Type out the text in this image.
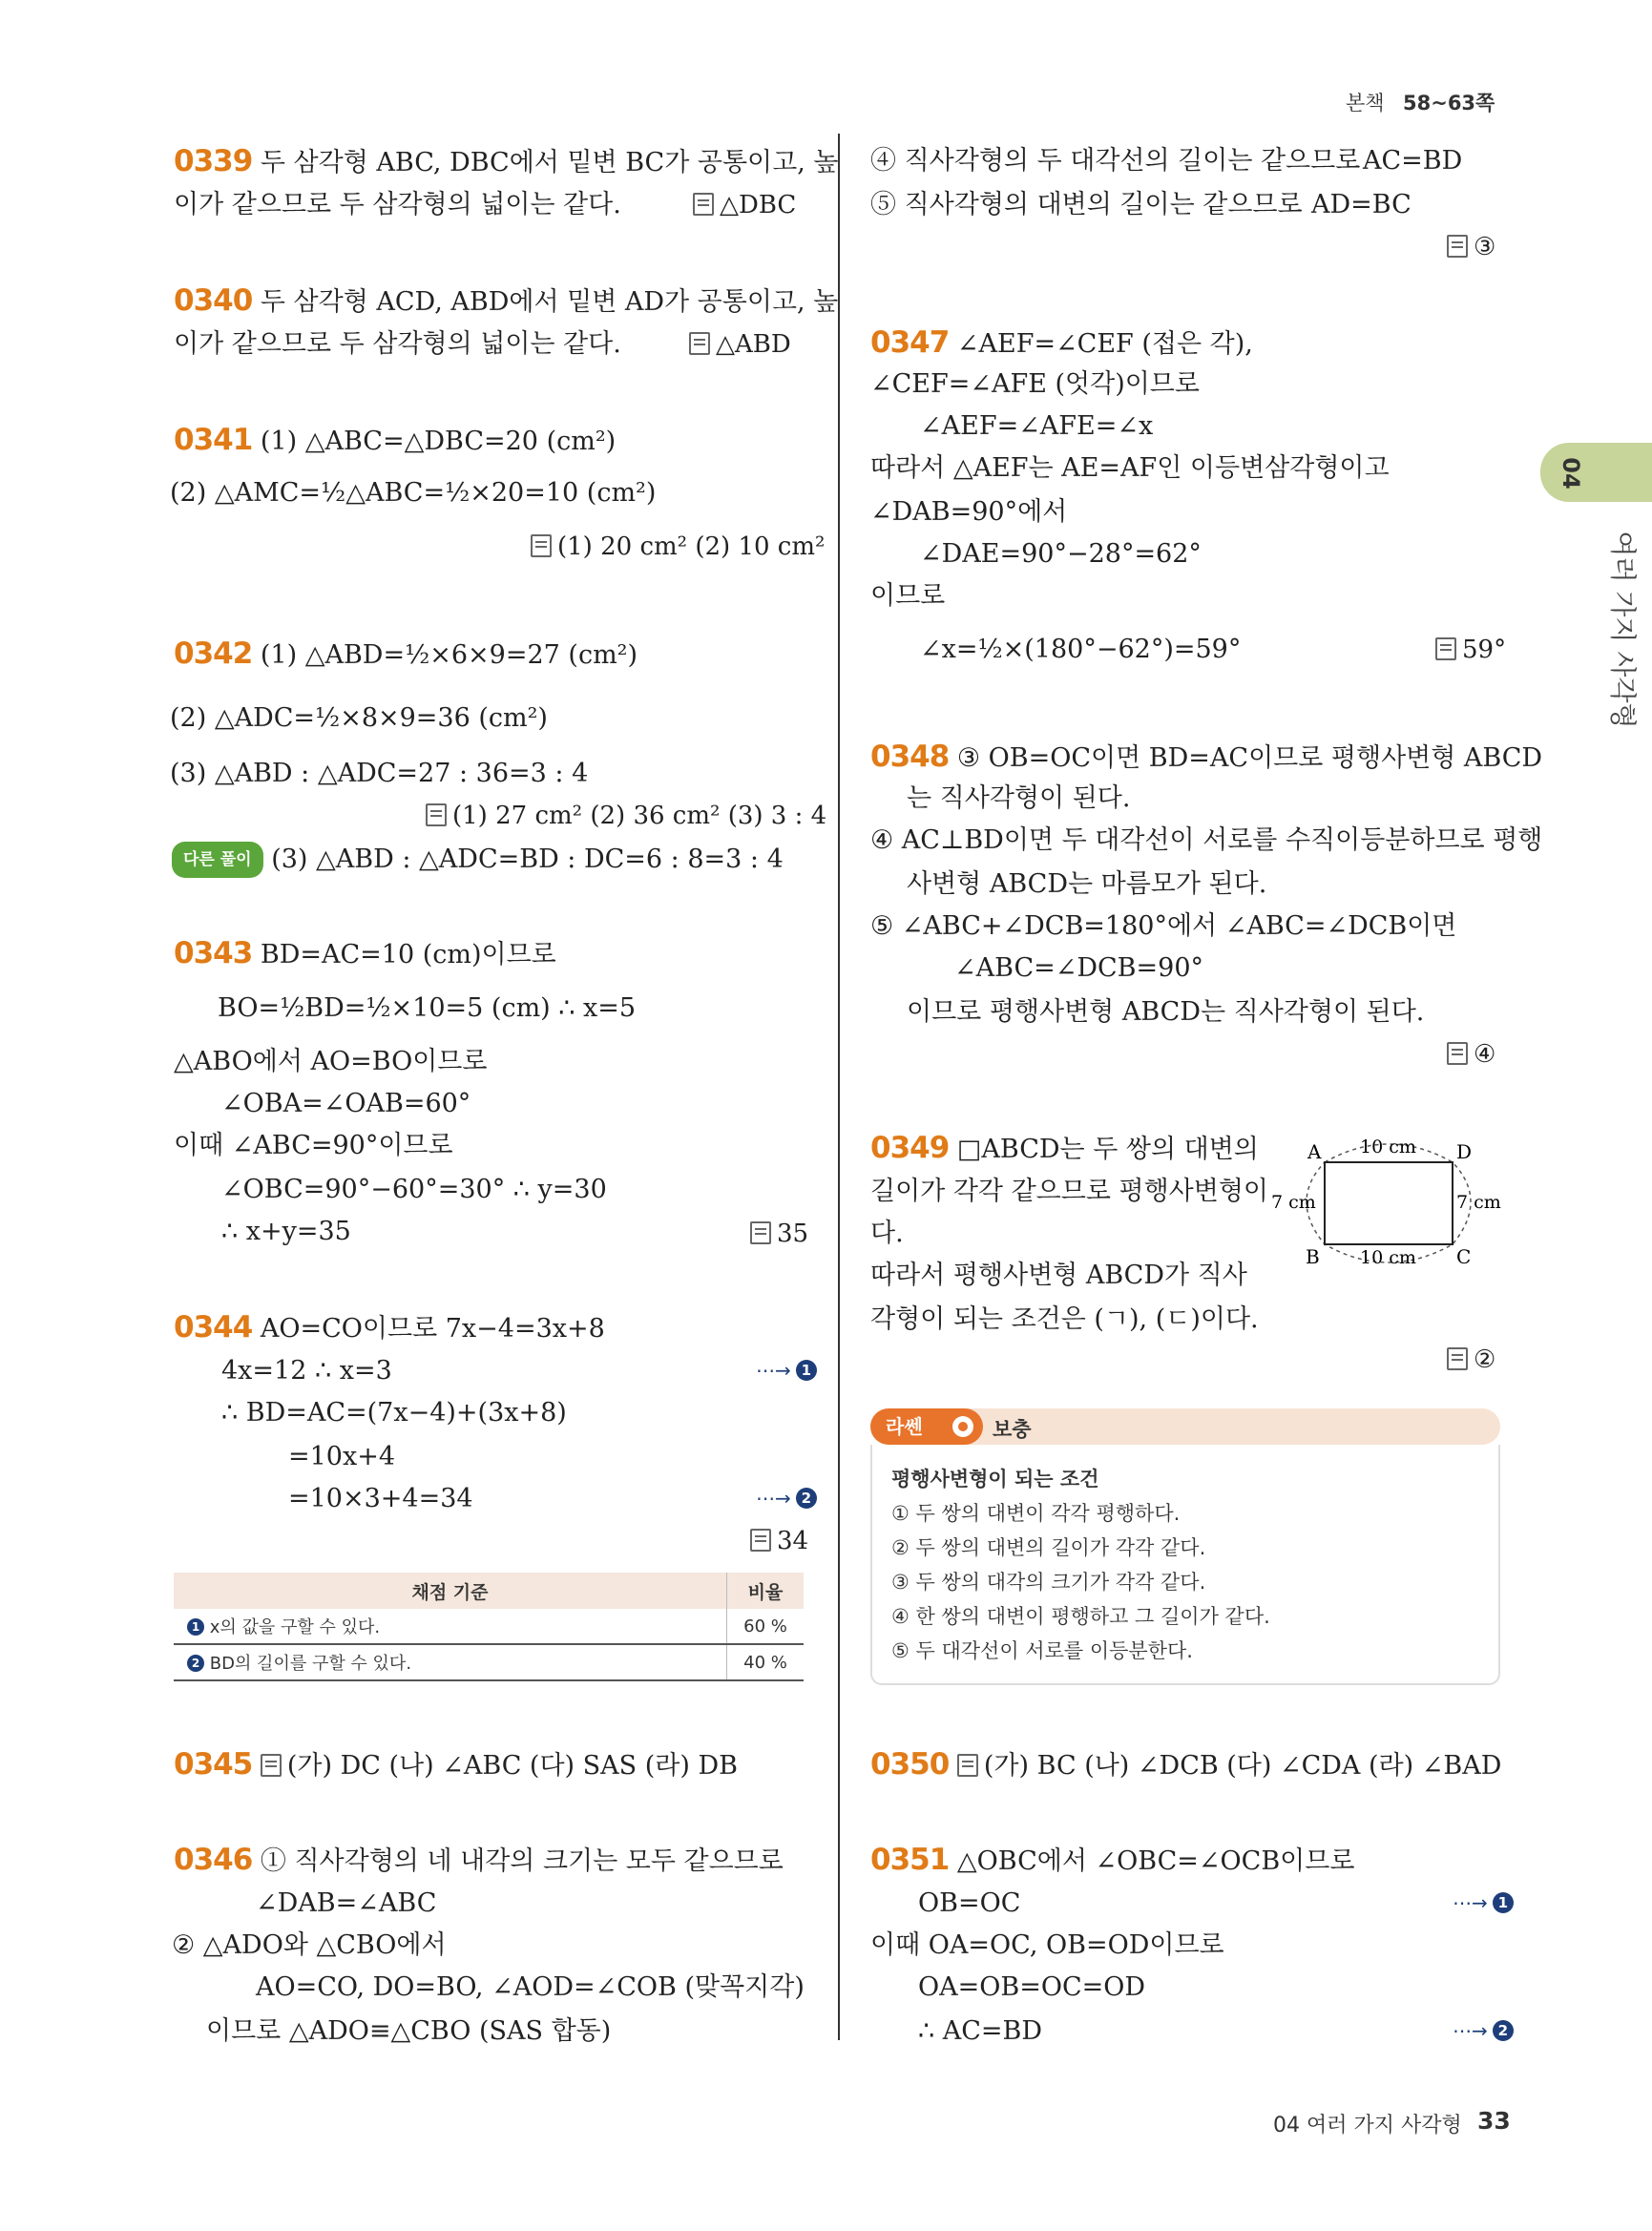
본책 58~63쪽
04
여러 가지 사각형
0339 두 삼각형 ABC, DBC에서 밑변 BC가 공통이고, 높
이가 같으므로 두 삼각형의 넓이는 같다.	△DBC
0340 두 삼각형 ACD, ABD에서 밑변 AD가 공통이고, 높
이가 같으므로 두 삼각형의 넓이는 같다.	△ABD
0341 (1) △ABC=△DBC=20 (cm²)
(2) △AMC=½△ABC=½×20=10 (cm²)
(1) 20 cm² (2) 10 cm²
0342 (1) △ABD=½×6×9=27 (cm²)
(2) △ADC=½×8×9=36 (cm²)
(3) △ABD : △ADC=27 : 36=3 : 4
(1) 27 cm² (2) 36 cm² (3) 3 : 4
다른 풀이 (3) △ABD : △ADC=BD : DC=6 : 8=3 : 4
0343 BD=AC=10 (cm)이므로
BO=½BD=½×10=5 (cm) ∴ x=5
△ABO에서 AO=BO이므로
∠OBA=∠OAB=60°
이때 ∠ABC=90°이므로
∠OBC=90°−60°=30° ∴ y=30
∴ x+y=35	35
0344 AO=CO이므로 7x−4=3x+8
4x=12 ∴ x=3	⋯→ 1
∴ BD=AC=(7x−4)+(3x+8)
=10x+4
=10×3+4=34	⋯→ 2
34
채점 기준	비율
1 x의 값을 구할 수 있다.	60 %
2 BD의 길이를 구할 수 있다.	40 %
0345 (가) DC (나) ∠ABC (다) SAS (라) DB
0346 ① 직사각형의 네 내각의 크기는 모두 같으므로
∠DAB=∠ABC
② △ADO와 △CBO에서
AO=CO, DO=BO, ∠AOD=∠COB (맞꼭지각)
이므로 △ADO≡△CBO (SAS 합동)
④ 직사각형의 두 대각선의 길이는 같으므로 AC=BD
⑤ 직사각형의 대변의 길이는 같으므로 AD=BC
③
0347 ∠AEF=∠CEF (접은 각),
∠CEF=∠AFE (엇각)이므로
∠AEF=∠AFE=∠x
따라서 △AEF는 AE=AF인 이등변삼각형이고
∠DAB=90°에서
∠DAE=90°−28°=62°
이므로
∠x=½×(180°−62°)=59°	59°
0348 ③ OB=OC이면 BD=AC이므로 평행사변형 ABCD
는 직사각형이 된다.
④ AC⊥BD이면 두 대각선이 서로를 수직이등분하므로 평행
사변형 ABCD는 마름모가 된다.
⑤ ∠ABC+∠DCB=180°에서 ∠ABC=∠DCB이면
∠ABC=∠DCB=90°
이므로 평행사변형 ABCD는 직사각형이 된다.
④
0349 □ABCD는 두 쌍의 대변의
길이가 각각 같으므로 평행사변형이
다.
따라서 평행사변형 ABCD가 직사
각형이 되는 조건은 (ㄱ), (ㄷ)이다.
A	D
B	C
10 cm
10 cm
7 cm	7 cm
②
라쎈	보충
평행사변형이 되는 조건
① 두 쌍의 대변이 각각 평행하다.
② 두 쌍의 대변의 길이가 각각 같다.
③ 두 쌍의 대각의 크기가 각각 같다.
④ 한 쌍의 대변이 평행하고 그 길이가 같다.
⑤ 두 대각선이 서로를 이등분한다.
0350 (가) BC (나) ∠DCB (다) ∠CDA (라) ∠BAD
0351 △OBC에서 ∠OBC=∠OCB이므로
OB=OC	⋯→ 1
이때 OA=OC, OB=OD이므로
OA=OB=OC=OD
∴ AC=BD	⋯→ 2
04 여러 가지 사각형 33
